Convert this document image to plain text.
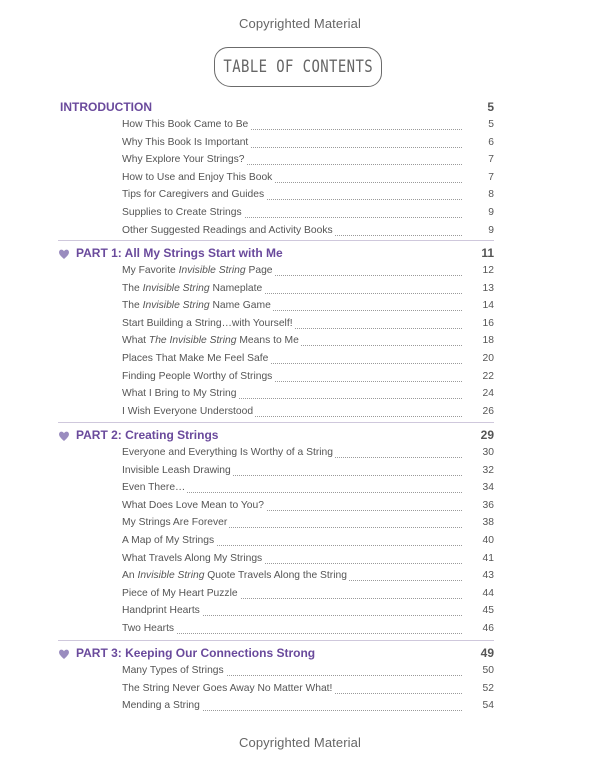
Copyrighted Material
TABLE OF CONTENTS
INTRODUCTION	5
How This Book Came to Be	5
Why This Book Is Important	6
Why Explore Your Strings?	7
How to Use and Enjoy This Book	7
Tips for Caregivers and Guides	8
Supplies to Create Strings	9
Other Suggested Readings and Activity Books	9
PART 1: All My Strings Start with Me	11
My Favorite Invisible String Page	12
The Invisible String Nameplate	13
The Invisible String Name Game	14
Start Building a String…with Yourself!	16
What The Invisible String Means to Me	18
Places That Make Me Feel Safe	20
Finding People Worthy of Strings	22
What I Bring to My String	24
I Wish Everyone Understood	26
PART 2: Creating Strings	29
Everyone and Everything Is Worthy of a String	30
Invisible Leash Drawing	32
Even There…	34
What Does Love Mean to You?	36
My Strings Are Forever	38
A Map of My Strings	40
What Travels Along My Strings	41
An Invisible String Quote Travels Along the String	43
Piece of My Heart Puzzle	44
Handprint Hearts	45
Two Hearts	46
PART 3: Keeping Our Connections Strong	49
Many Types of Strings	50
The String Never Goes Away No Matter What!	52
Mending a String	54
Copyrighted Material
